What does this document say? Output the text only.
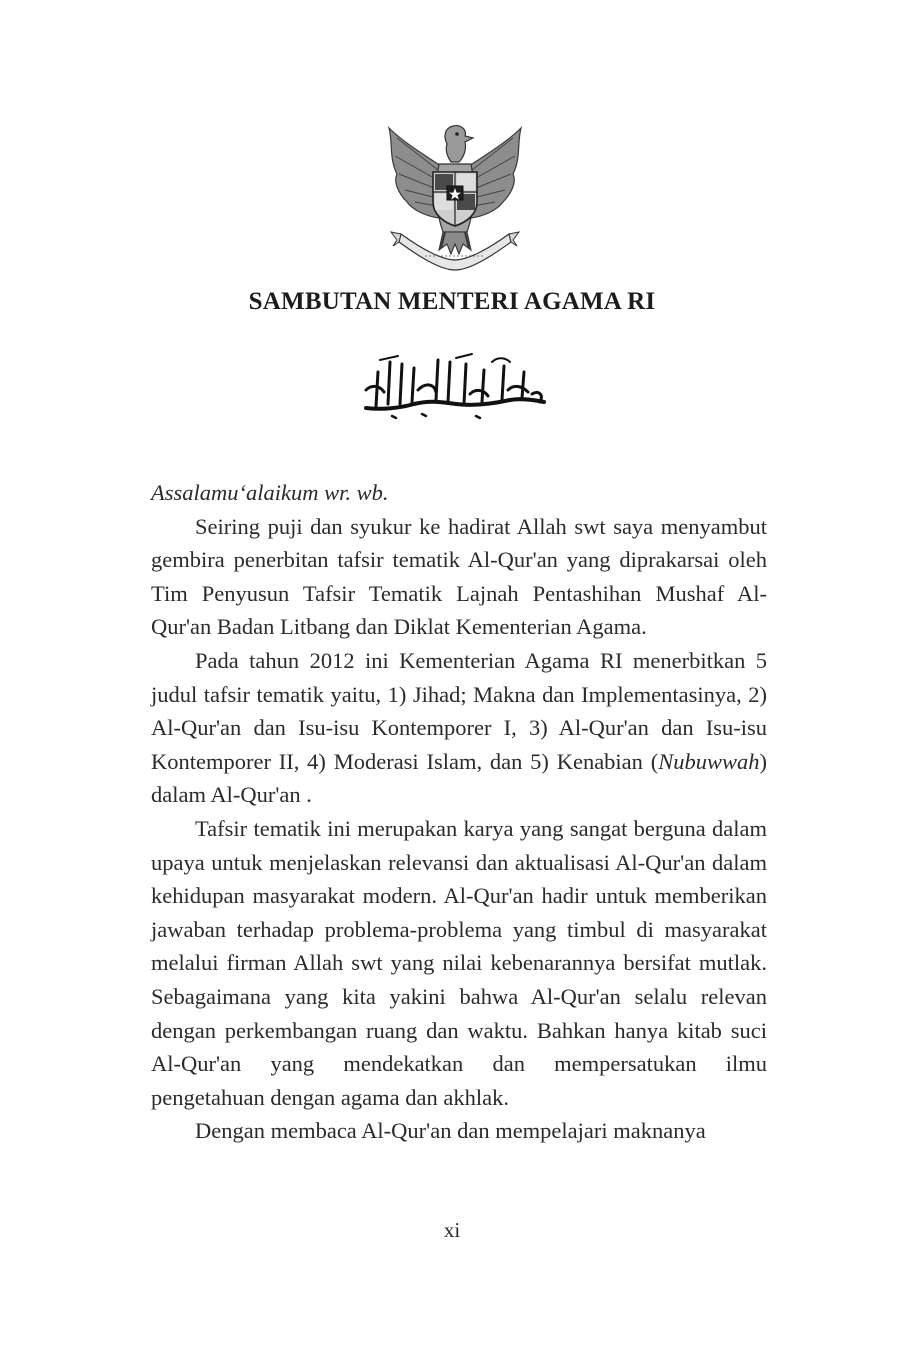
SAMBUTAN MENTERI AGAMA RI

Assalamu‘alaikum wr. wb.

Seiring puji dan syukur ke hadirat Allah swt saya menyambut gembira penerbitan tafsir tematik Al-Qur'an yang diprakarsai oleh Tim Penyusun Tafsir Tematik Lajnah Pentashihan Mushaf Al-Qur'an Badan Litbang dan Diklat Kementerian Agama.

Pada tahun 2012 ini Kementerian Agama RI menerbitkan 5 judul tafsir tematik yaitu, 1) Jihad; Makna dan Implementasinya, 2) Al-Qur'an dan Isu-isu Kontemporer I, 3) Al-Qur'an dan Isu-isu Kontemporer II, 4) Moderasi Islam, dan 5) Kenabian (Nubuwwah) dalam Al-Qur'an .

Tafsir tematik ini merupakan karya yang sangat berguna dalam upaya untuk menjelaskan relevansi dan aktualisasi Al-Qur'an dalam kehidupan masyarakat modern. Al-Qur'an hadir untuk memberikan jawaban terhadap problema-problema yang timbul di masyarakat melalui firman Allah swt yang nilai kebenarannya bersifat mutlak. Sebagaimana yang kita yakini bahwa Al-Qur'an selalu relevan dengan perkembangan ruang dan waktu. Bahkan hanya kitab suci Al-Qur'an yang mendekatkan dan mempersatukan ilmu pengetahuan dengan agama dan akhlak.

Dengan membaca Al-Qur'an dan mempelajari maknanya

xi
